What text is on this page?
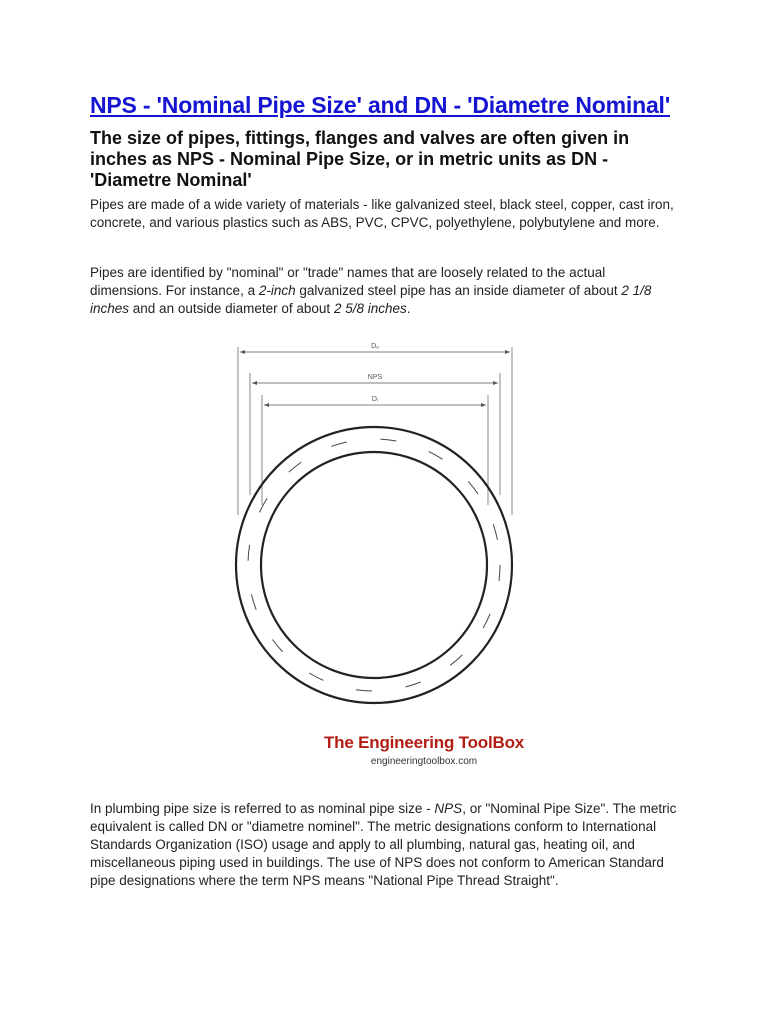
NPS - 'Nominal Pipe Size' and DN - 'Diametre Nominal'
The size of pipes, fittings, flanges and valves are often given in inches as NPS - Nominal Pipe Size, or in metric units as DN - 'Diametre Nominal'
Pipes are made of a wide variety of materials - like galvanized steel, black steel, copper, cast iron, concrete, and various plastics such as ABS, PVC, CPVC, polyethylene, polybutylene and more.
Pipes are identified by "nominal" or "trade" names that are loosely related to the actual dimensions. For instance, a 2-inch galvanized steel pipe has an inside diameter of about 2 1/8 inches and an outside diameter of about 2 5/8 inches.
Dₒ
NPS
Dᵢ
The Engineering ToolBox
engineeringtoolbox.com
In plumbing pipe size is referred to as nominal pipe size - NPS, or "Nominal Pipe Size". The metric equivalent is called DN or "diametre nominel". The metric designations conform to International Standards Organization (ISO) usage and apply to all plumbing, natural gas, heating oil, and miscellaneous piping used in buildings. The use of NPS does not conform to American Standard pipe designations where the term NPS means "National Pipe Thread Straight".
